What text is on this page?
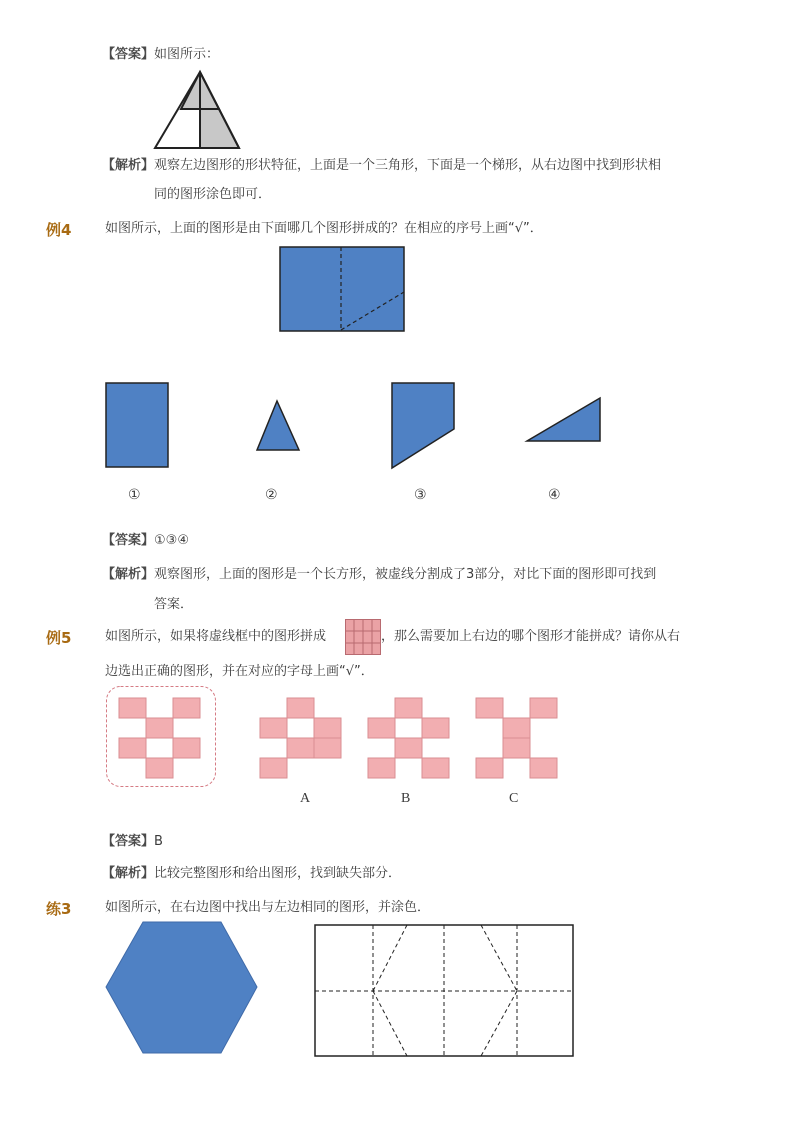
【答案】如图所示：
【解析】观察左边图形的形状特征，上面是一个三角形，下面是一个梯形，从右边图中找到形状相
同的图形涂色即可．
例4	如图所示，上面的图形是由下面哪几个图形拼成的？在相应的序号上画“√”．
①	②	③	④
【答案】①③④
【解析】观察图形，上面的图形是一个长方形，被虚线分割成了3部分，对比下面的图形即可找到
答案．
例5	如图所示，如果将虚线框中的图形拼成	，那么需要加上右边的哪个图形才能拼成？请你从右
边选出正确的图形，并在对应的字母上画“√”．
A	B	C
【答案】B
【解析】比较完整图形和给出图形，找到缺失部分．
练3	如图所示，在右边图中找出与左边相同的图形，并涂色．
